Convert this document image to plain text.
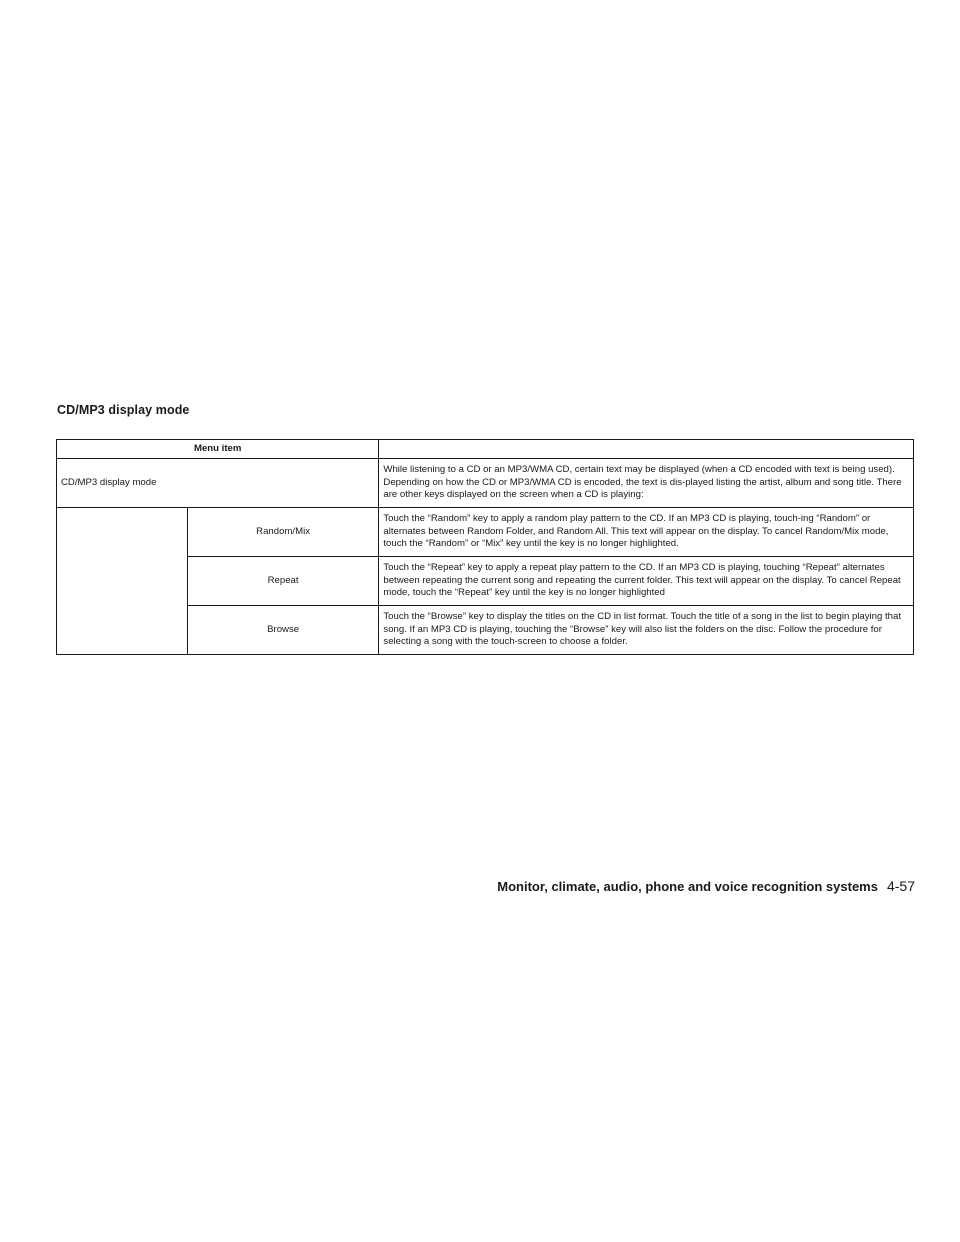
CD/MP3 display mode
Menu item		
CD/MP3 display mode		While listening to a CD or an MP3/WMA CD, certain text may be displayed (when a CD encoded with text is being used). Depending on how the CD or MP3/WMA CD is encoded, the text is dis-played listing the artist, album and song title. There are other keys displayed on the screen when a CD is playing:
	Random/Mix	Touch the “Random” key to apply a random play pattern to the CD. If an MP3 CD is playing, touch-ing “Random” or alternates between Random Folder, and Random All. This text will appear on the display. To cancel Random/Mix mode, touch the “Random” or “Mix” key until the key is no longer highlighted.
	Repeat	Touch the “Repeat” key to apply a repeat play pattern to the CD. If an MP3 CD is playing, touching “Repeat” alternates between repeating the current song and repeating the current folder. This text will appear on the display. To cancel Repeat mode, touch the “Repeat” key until the key is no longer highlighted
	Browse	Touch the “Browse” key to display the titles on the CD in list format. Touch the title of a song in the list to begin playing that song. If an MP3 CD is playing, touching the “Browse” key will also list the folders on the disc. Follow the procedure for selecting a song with the touch-screen to choose a folder.
Monitor, climate, audio, phone and voice recognition systems 4-57
